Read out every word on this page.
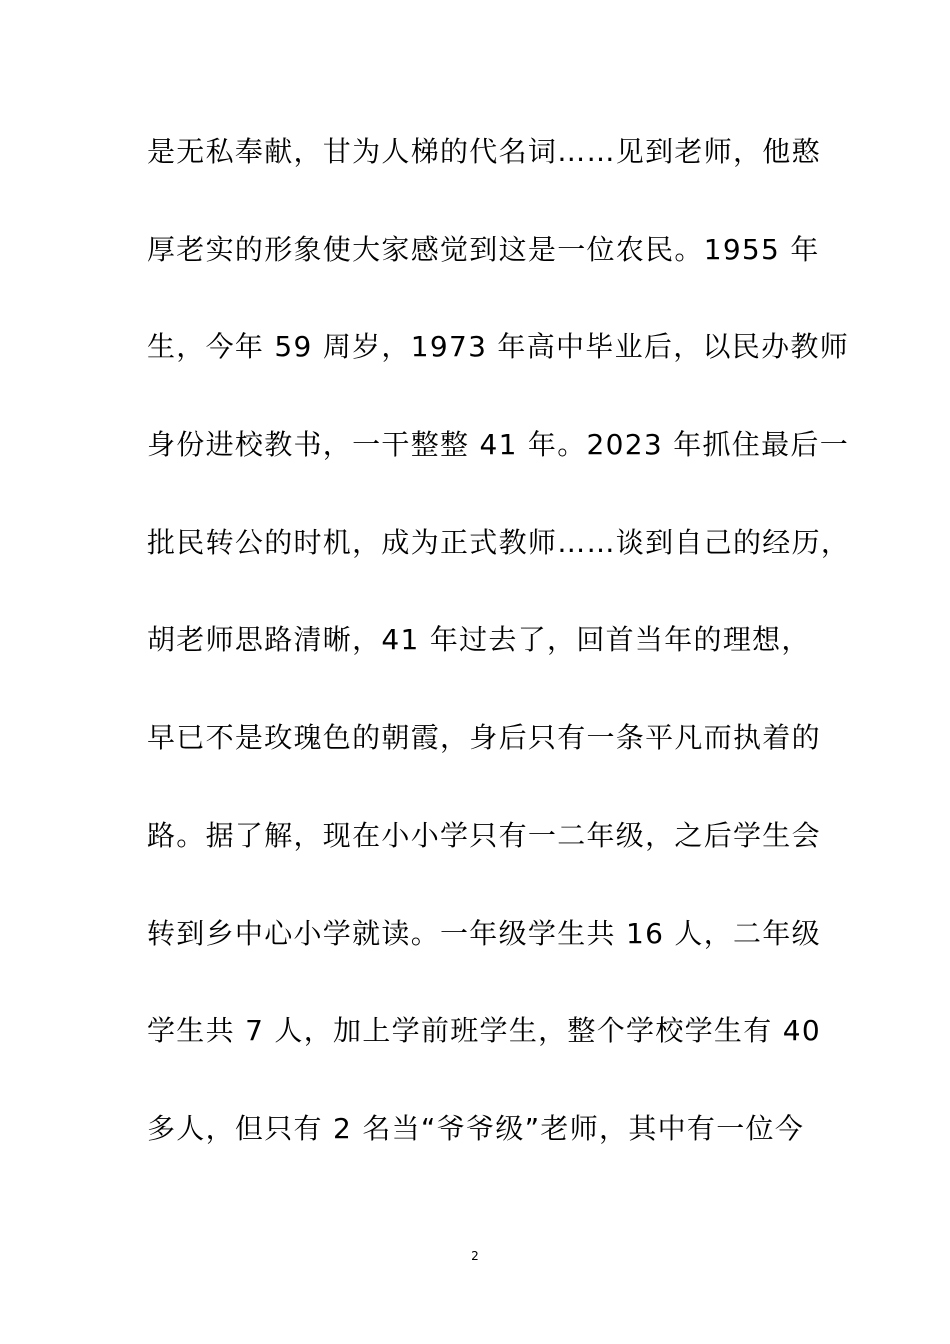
是无私奉献，甘为人梯的代名词……见到老师，他憨
厚老实的形象使大家感觉到这是一位农民。1955 年
生，今年 59 周岁，1973 年高中毕业后，以民办教师
身份进校教书，一干整整 41 年。2023 年抓住最后一
批民转公的时机，成为正式教师……谈到自己的经历，
胡老师思路清晰，41 年过去了，回首当年的理想，
早已不是玫瑰色的朝霞，身后只有一条平凡而执着的
路。据了解，现在小小学只有一二年级，之后学生会
转到乡中心小学就读。一年级学生共 16 人，二年级
学生共 7 人，加上学前班学生，整个学校学生有 40
多人，但只有 2 名当“爷爷级”老师，其中有一位今
2
